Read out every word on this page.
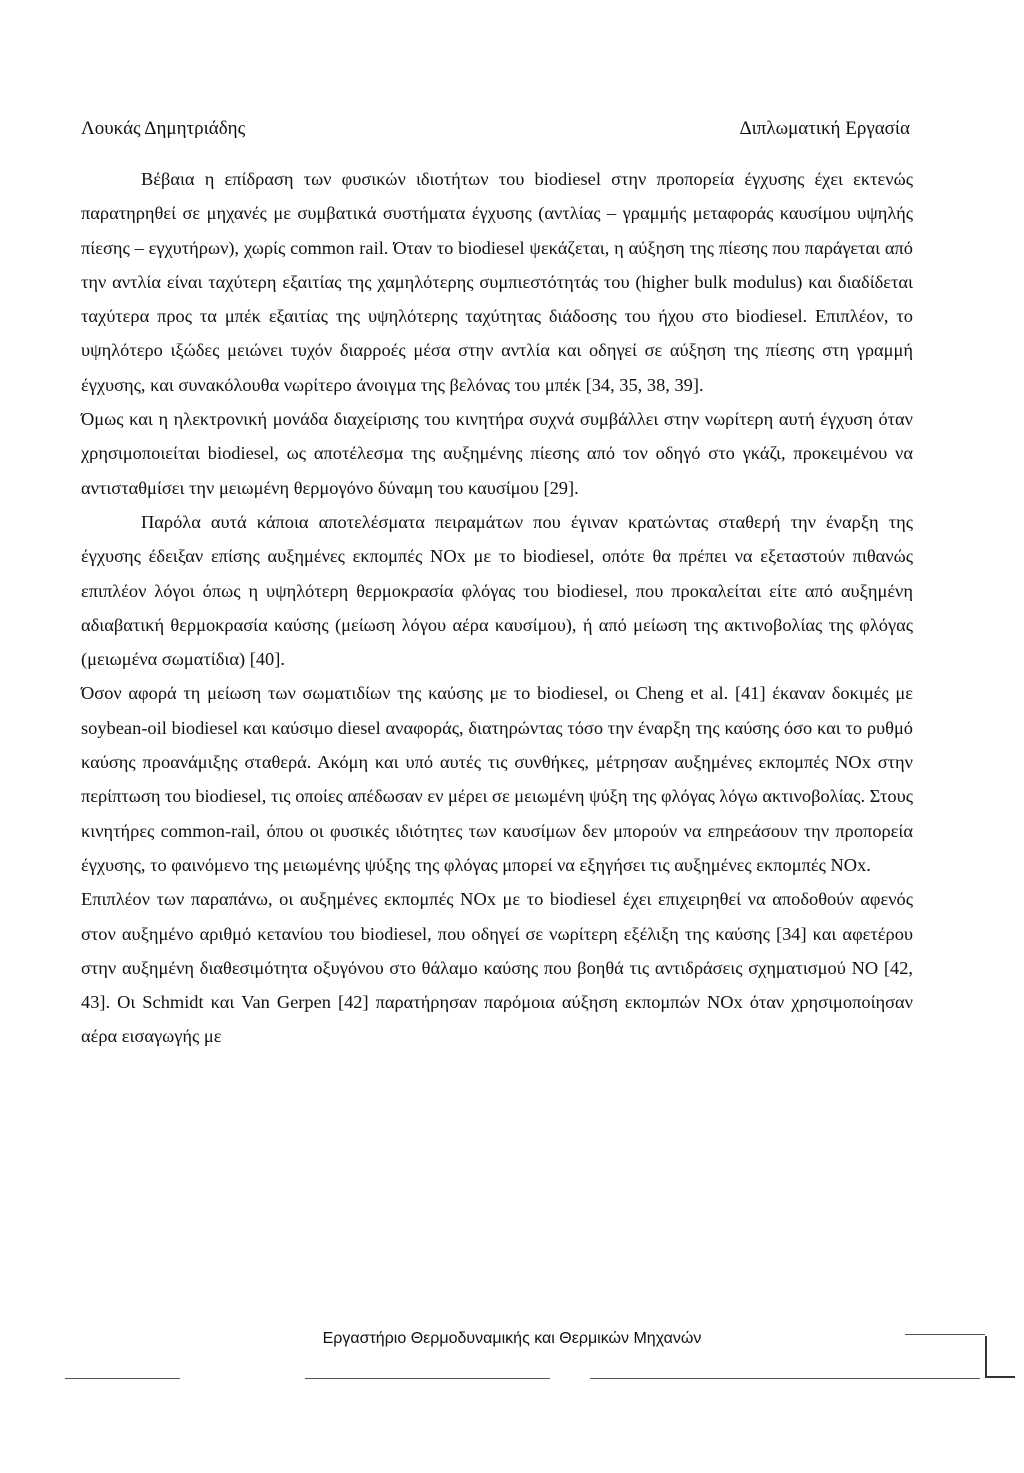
Λουκάς Δημητριάδης	Διπλωματική Εργασία

Βέβαια η επίδραση των φυσικών ιδιοτήτων του biodiesel στην προπορεία έγχυσης έχει εκτενώς παρατηρηθεί σε μηχανές με συμβατικά συστήματα έγχυσης (αντλίας – γραμμής μεταφοράς καυσίμου υψηλής πίεσης – εγχυτήρων), χωρίς common rail. Όταν το biodiesel ψεκάζεται, η αύξηση της πίεσης που παράγεται από την αντλία είναι ταχύτερη εξαιτίας της χαμηλότερης συμπιεστότητάς του (higher bulk modulus) και διαδίδεται ταχύτερα προς τα μπέκ εξαιτίας της υψηλότερης ταχύτητας διάδοσης του ήχου στο biodiesel. Επιπλέον, το υψηλότερο ιξώδες μειώνει τυχόν διαρροές μέσα στην αντλία και οδηγεί σε αύξηση της πίεσης στη γραμμή έγχυσης, και συνακόλουθα νωρίτερο άνοιγμα της βελόνας του μπέκ [34, 35, 38, 39].

Όμως και η ηλεκτρονική μονάδα διαχείρισης του κινητήρα συχνά συμβάλλει στην νωρίτερη αυτή έγχυση όταν χρησιμοποιείται biodiesel, ως αποτέλεσμα της αυξημένης πίεσης από τον οδηγό στο γκάζι, προκειμένου να αντισταθμίσει την μειωμένη θερμογόνο δύναμη του καυσίμου [29].

Παρόλα αυτά κάποια αποτελέσματα πειραμάτων που έγιναν κρατώντας σταθερή την έναρξη της έγχυσης έδειξαν επίσης αυξημένες εκπομπές NOx με το biodiesel, οπότε θα πρέπει να εξεταστούν πιθανώς επιπλέον λόγοι όπως η υψηλότερη θερμοκρασία φλόγας του biodiesel, που προκαλείται είτε από αυξημένη αδιαβατική θερμοκρασία καύσης (μείωση λόγου αέρα καυσίμου), ή από μείωση της ακτινοβολίας της φλόγας (μειωμένα σωματίδια) [40].

Όσον αφορά τη μείωση των σωματιδίων της καύσης με το biodiesel, οι Cheng et al. [41] έκαναν δοκιμές με soybean-oil biodiesel και καύσιμο diesel αναφοράς, διατηρώντας τόσο την έναρξη της καύσης όσο και το ρυθμό καύσης προανάμιξης σταθερά. Ακόμη και υπό αυτές τις συνθήκες, μέτρησαν αυξημένες εκπομπές NOx στην περίπτωση του biodiesel, τις οποίες απέδωσαν εν μέρει σε μειωμένη ψύξη της φλόγας λόγω ακτινοβολίας. Στους κινητήρες common-rail, όπου οι φυσικές ιδιότητες των καυσίμων δεν μπορούν να επηρεάσουν την προπορεία έγχυσης, το φαινόμενο της μειωμένης ψύξης της φλόγας μπορεί να εξηγήσει τις αυξημένες εκπομπές NOx.

Επιπλέον των παραπάνω, οι αυξημένες εκπομπές NOx με το biodiesel έχει επιχειρηθεί να αποδοθούν αφενός στον αυξημένο αριθμό κετανίου του biodiesel, που οδηγεί σε νωρίτερη εξέλιξη της καύσης [34] και αφετέρου στην αυξημένη διαθεσιμότητα οξυγόνου στο θάλαμο καύσης που βοηθά τις αντιδράσεις σχηματισμού NO [42, 43]. Οι Schmidt και Van Gerpen [42] παρατήρησαν παρόμοια αύξηση εκπομπών NOx όταν χρησιμοποίησαν αέρα εισαγωγής με

Εργαστήριο Θερμοδυναμικής και Θερμικών Μηχανών
